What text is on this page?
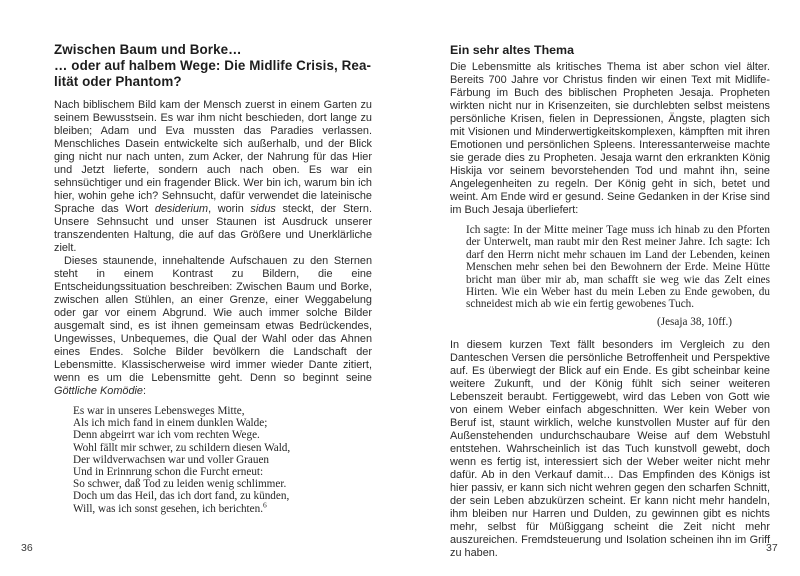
Zwischen Baum und Borke…
… oder auf halbem Wege: Die Midlife Crisis, Rea-
lität oder Phantom?

Nach biblischem Bild kam der Mensch zuerst in einem Garten zu seinem Bewusstsein. Es war ihm nicht beschieden, dort lange zu bleiben; Adam und Eva mussten das Paradies verlassen. Menschliches Dasein entwickelte sich außerhalb, und der Blick ging nicht nur nach unten, zum Acker, der Nahrung für das Hier und Jetzt lieferte, sondern auch nach oben. Es war ein sehnsüchtiger und ein fragender Blick. Wer bin ich, warum bin ich hier, wohin gehe ich? Sehnsucht, dafür verwendet die lateinische Sprache das Wort desiderium, worin sidus steckt, der Stern. Unsere Sehnsucht und unser Staunen ist Ausdruck unserer transzendenten Haltung, die auf das Größere und Unerklärliche zielt.

Dieses staunende, innehaltende Aufschauen zu den Sternen steht in einem Kontrast zu Bildern, die eine Entscheidungssituation beschreiben: Zwischen Baum und Borke, zwischen allen Stühlen, an einer Grenze, einer Weggabelung oder gar vor einem Abgrund. Wie auch immer solche Bilder ausgemalt sind, es ist ihnen gemeinsam etwas Bedrückendes, Ungewisses, Unbequemes, die Qual der Wahl oder das Ahnen eines Endes. Solche Bilder bevölkern die Landschaft der Lebensmitte. Klassischerweise wird immer wieder Dante zitiert, wenn es um die Lebensmitte geht. Denn so beginnt seine Göttliche Komödie:

Es war in unseres Lebensweges Mitte,
Als ich mich fand in einem dunklen Walde;
Denn abgeirrt war ich vom rechten Wege.
Wohl fällt mir schwer, zu schildern diesen Wald,
Der wildverwachsen war und voller Grauen
Und in Erinnrung schon die Furcht erneut:
So schwer, daß Tod zu leiden wenig schlimmer.
Doch um das Heil, das ich dort fand, zu künden,
Will, was ich sonst gesehen, ich berichten.$^6$
Ein sehr altes Thema

Die Lebensmitte als kritisches Thema ist aber schon viel älter. Bereits 700 Jahre vor Christus finden wir einen Text mit Midlife-Färbung im Buch des biblischen Propheten Jesaja. Propheten wirkten nicht nur in Krisenzeiten, sie durchlebten selbst meistens persönliche Krisen, fielen in Depressionen, Ängste, plagten sich mit Visionen und Minderwertigkeitskomplexen, kämpften mit ihren Emotionen und persönlichen Spleens. Interessanterweise machte sie gerade dies zu Propheten. Jesaja warnt den erkrankten König Hiskija vor seinem bevorstehenden Tod und mahnt ihn, seine Angelegenheiten zu regeln. Der König geht in sich, betet und weint. Am Ende wird er gesund. Seine Gedanken in der Krise sind im Buch Jesaja überliefert:

Ich sagte: In der Mitte meiner Tage muss ich hinab zu den Pforten der Unterwelt, man raubt mir den Rest meiner Jahre. Ich sagte: Ich darf den Herrn nicht mehr schauen im Land der Lebenden, keinen Menschen mehr sehen bei den Bewohnern der Erde. Meine Hütte bricht man über mir ab, man schafft sie weg wie das Zelt eines Hirten. Wie ein Weber hast du mein Leben zu Ende gewoben, du schneidest mich ab wie ein fertig gewobenes Tuch.
(Jesaja 38, 10ff.)

In diesem kurzen Text fällt besonders im Vergleich zu den Danteschen Versen die persönliche Betroffenheit und Perspektive auf. Es überwiegt der Blick auf ein Ende. Es gibt scheinbar keine weitere Zukunft, und der König fühlt sich seiner weiteren Lebenszeit beraubt. Fertiggewebt, wird das Leben von Gott wie von einem Weber einfach abgeschnitten. Wer kein Weber von Beruf ist, staunt wirklich, welche kunstvollen Muster auf für den Außenstehenden undurchschaubare Weise auf dem Webstuhl entstehen. Wahrscheinlich ist das Tuch kunstvoll gewebt, doch wenn es fertig ist, interessiert sich der Weber weiter nicht mehr dafür. Ab in den Verkauf damit… Das Empfinden des Königs ist hier passiv, er kann sich nicht wehren gegen den scharfen Schnitt, der sein Leben abzukürzen scheint. Er kann nicht mehr handeln, ihm bleiben nur Harren und Dulden, zu gewinnen gibt es nichts mehr, selbst für Müßiggang scheint die Zeit nicht mehr auszureichen. Fremdsteuerung und Isolation scheinen ihn im Griff zu haben.

36	37
